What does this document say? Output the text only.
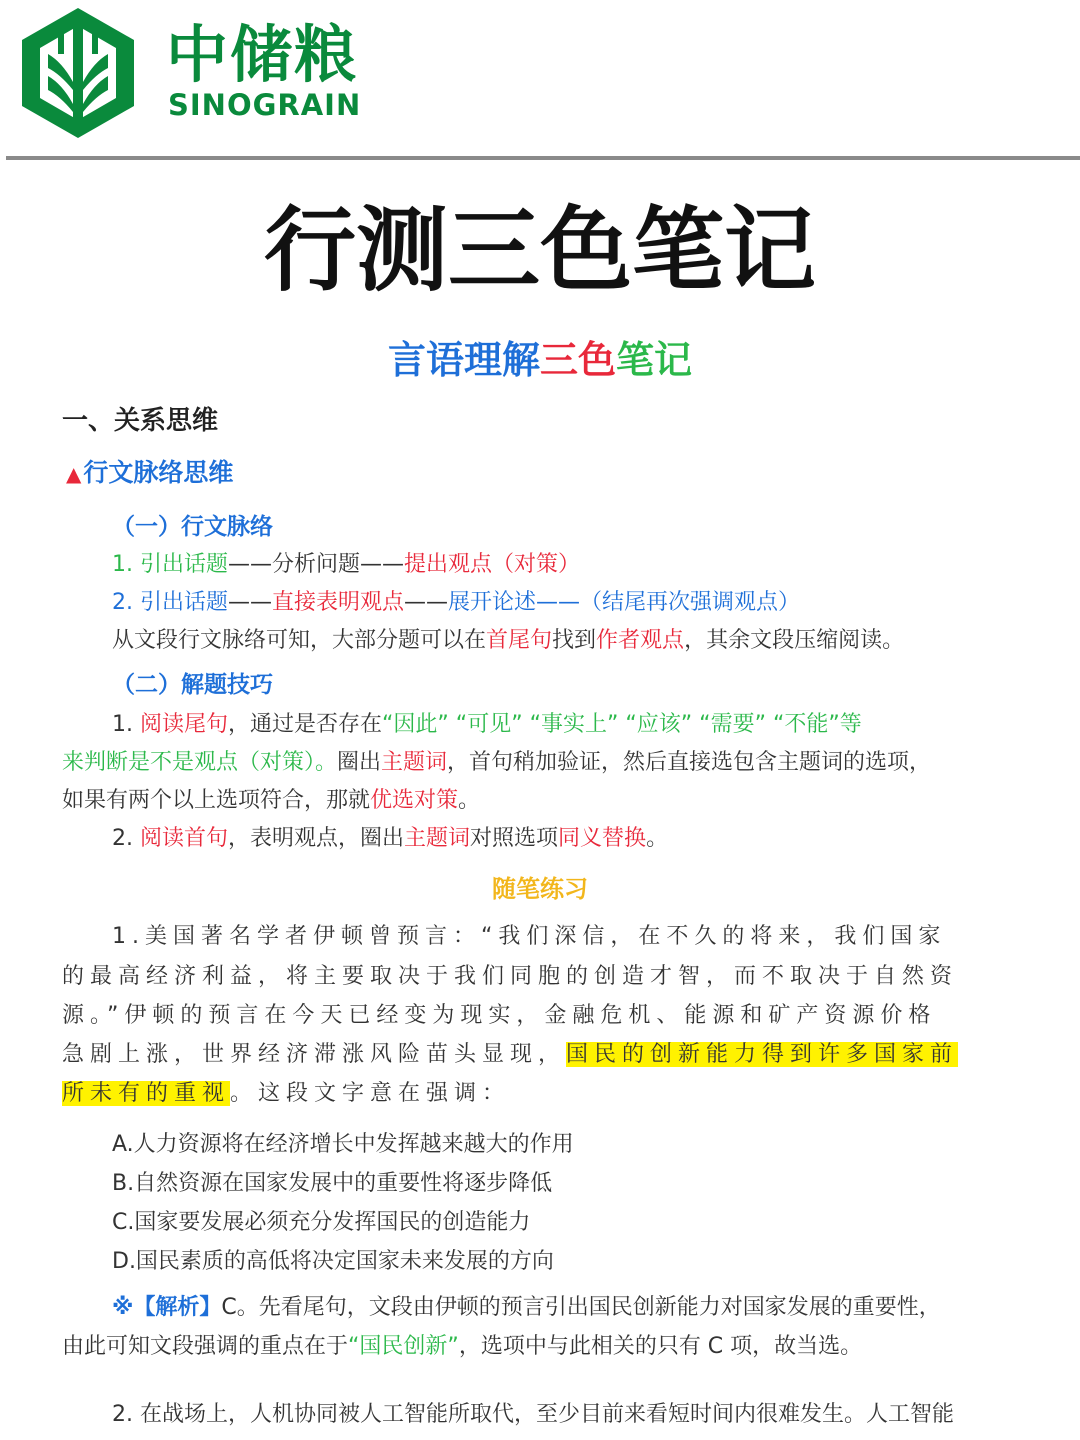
中储粮
SINOGRAIN
行测三色笔记
言语理解三色笔记
一、关系思维
▲行文脉络思维
（一）行文脉络
1. 引出话题——分析问题——提出观点（对策）
2. 引出话题——直接表明观点——展开论述——（结尾再次强调观点）
从文段行文脉络可知，大部分题可以在首尾句找到作者观点，其余文段压缩阅读。
（二）解题技巧
1. 阅读尾句，通过是否存在“因此” “可见” “事实上” “应该” “需要” “不能”等
来判断是不是观点（对策）。圈出主题词，首句稍加验证，然后直接选包含主题词的选项，
如果有两个以上选项符合，那就优选对策。
2. 阅读首句，表明观点，圈出主题词对照选项同义替换。
随笔练习
1.美国著名学者伊顿曾预言：“我们深信，在不久的将来，我们国家
的最高经济利益，将主要取决于我们同胞的创造才智，而不取决于自然资
源。”伊顿的预言在今天已经变为现实，金融危机、能源和矿产资源价格
急剧上涨，世界经济滞涨风险苗头显现，国民的创新能力得到许多国家前
所未有的重视。这段文字意在强调：
A.人力资源将在经济增长中发挥越来越大的作用
B.自然资源在国家发展中的重要性将逐步降低
C.国家要发展必须充分发挥国民的创造能力
D.国民素质的高低将决定国家未来发展的方向
※【解析】C。先看尾句，文段由伊顿的预言引出国民创新能力对国家发展的重要性，
由此可知文段强调的重点在于“国民创新”，选项中与此相关的只有 C 项，故当选。
2. 在战场上，人机协同被人工智能所取代，至少目前来看短时间内很难发生。人工智能
